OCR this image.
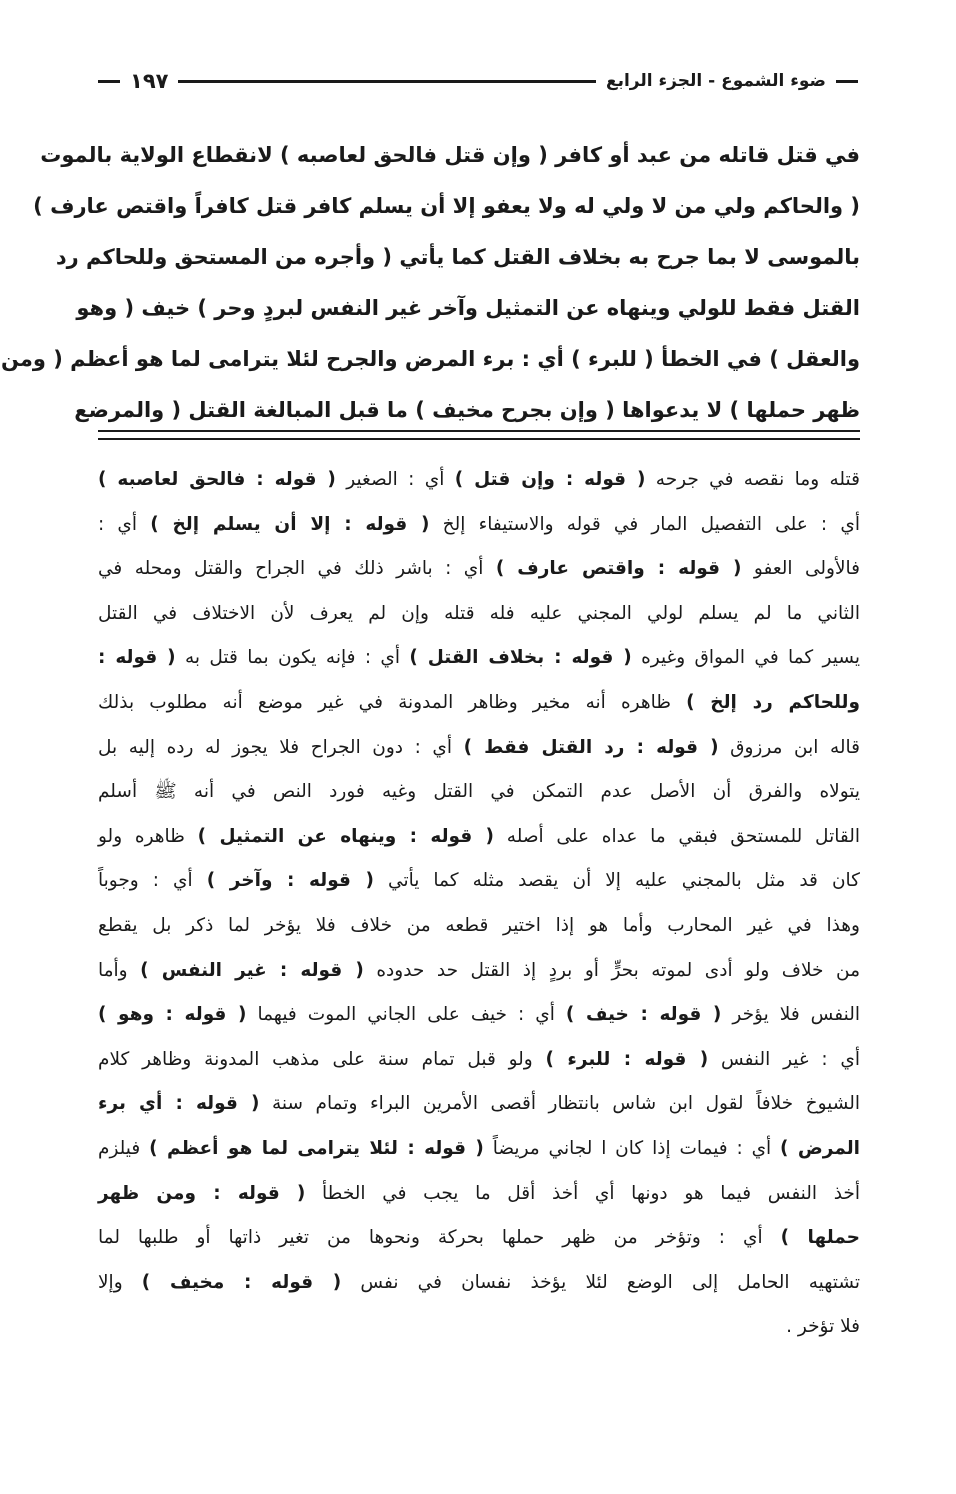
١٩٧	ضوء الشموع - الجزء الرابع
في قتل قاتله من عبد أو كافر ( وإن قتل فالحق لعاصبه ) لانقطاع الولاية بالموت
( والحاكم ولي من لا ولي له ولا يعفو إلا أن يسلم كافر قتل كافراً واقتص عارف )
بالموسى لا بما جرح به بخلاف القتل كما يأتي ( وأجره من المستحق وللحاكم رد
القتل فقط للولي وينهاه عن التمثيل وآخر غير النفس لبردٍ وحر ) خيف ( وهو
والعقل ) في الخطأ ( للبرء ) أي : برء المرض والجرح لئلا يترامى لما هو أعظم ( ومن
ظهر حملها ) لا يدعواها ( وإن بجرح مخيف ) ما قبل المبالغة القتل ( والمرضع
قتله وما نقصه في جرحه ( قوله : وإن قتل ) أي : الصغير ( قوله : فالحق لعاصبه )
أي : على التفصيل المار في قوله والاستيفاء إلخ ( قوله : إلا أن يسلم إلخ ) أي :
فالأولى العفو ( قوله : واقتص عارف ) أي : باشر ذلك في الجراح والقتل ومحله في
الثاني ما لم يسلم لولي المجني عليه فله قتله وإن لم يعرف لأن الاختلاف في القتل
يسير كما في المواق وغيره ( قوله : بخلاف القتل ) أي : فإنه يكون بما قتل به ( قوله :
وللحاكم رد إلخ ) ظاهره أنه مخير وظاهر المدونة في غير موضع أنه مطلوب بذلك
قاله ابن مرزوق ( قوله : رد القتل فقط ) أي : دون الجراح فلا يجوز له رده إليه بل
يتولاه والفرق أن الأصل عدم التمكن في القتل وغيه فورد النص في أنه ﷺ أسلم
القاتل للمستحق فبقي ما عداه على أصله ( قوله : وينهاه عن التمثيل ) ظاهره ولو
كان قد مثل بالمجني عليه إلا أن يقصد مثله كما يأتي ( قوله : وآخر ) أي : وجوباً
وهذا في غير المحارب وأما هو إذا اختير قطعه من خلاف فلا يؤخر لما ذكر بل يقطع
من خلاف ولو أدى لموته بحرٍّ أو بردٍ إذ القتل حد حدوده ( قوله : غير النفس ) وأما
النفس فلا يؤخر ( قوله : خيف ) أي : خيف على الجاني الموت فيهما ( قوله : وهو )
أي : غير النفس ( قوله : للبرء ) ولو قبل تمام سنة على مذهب المدونة وظاهر كلام
الشيوخ خلافاً لقول ابن شاس بانتظار أقصى الأمرين البراء وتمام سنة ( قوله : أي برء
المرض ) أي : فيمات إذا كان ا لجاني مريضاً ( قوله : لئلا يترامى لما هو أعظم ) فيلزم
أخذ النفس فيما هو دونها أي أخذ أقل ما يجب في الخطأ ( قوله : ومن ظهر
حملها ) أي : وتؤخر من ظهر حملها بحركة ونحوها من تغير ذاتها أو طلبها لما
تشتهيه الحامل إلى الوضع لئلا يؤخذ نفسان في نفس ( قوله : مخيف ) وإلا
فلا تؤخر .
